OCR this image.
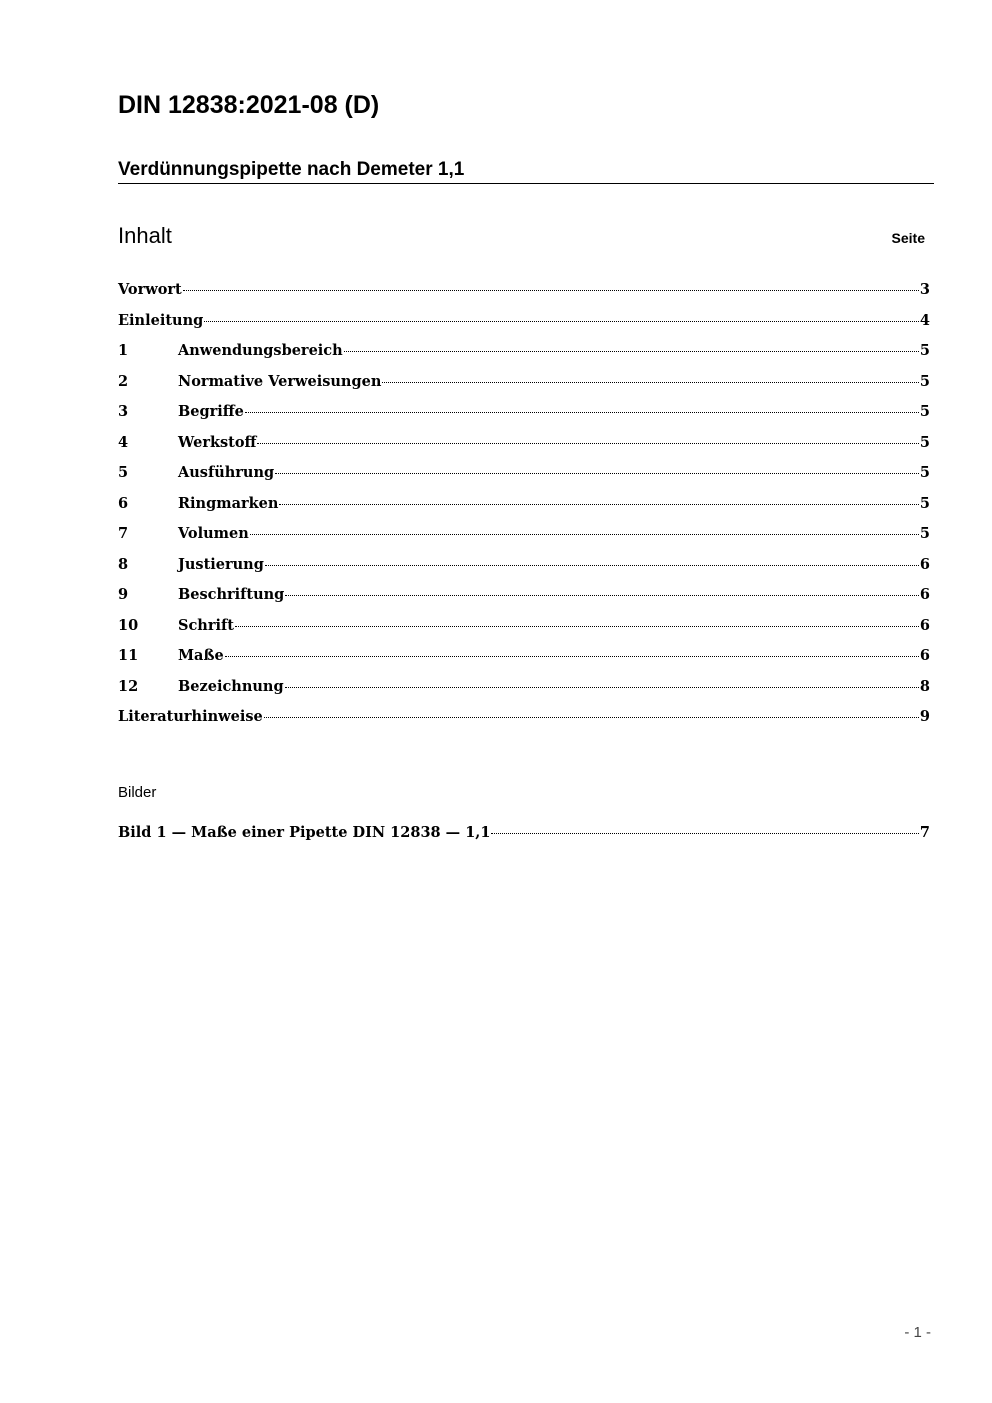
DIN 12838:2021-08 (D)
Verdünnungspipette nach Demeter 1,1
Inhalt	Seite
Vorwort	3
Einleitung	4
1	Anwendungsbereich	5
2	Normative Verweisungen	5
3	Begriffe	5
4	Werkstoff	5
5	Ausführung	5
6	Ringmarken	5
7	Volumen	5
8	Justierung	6
9	Beschriftung	6
10	Schrift	6
11	Maße	6
12	Bezeichnung	8
Literaturhinweise	9
Bilder
Bild 1 — Maße einer Pipette DIN 12838 — 1,1	7
- 1 -
